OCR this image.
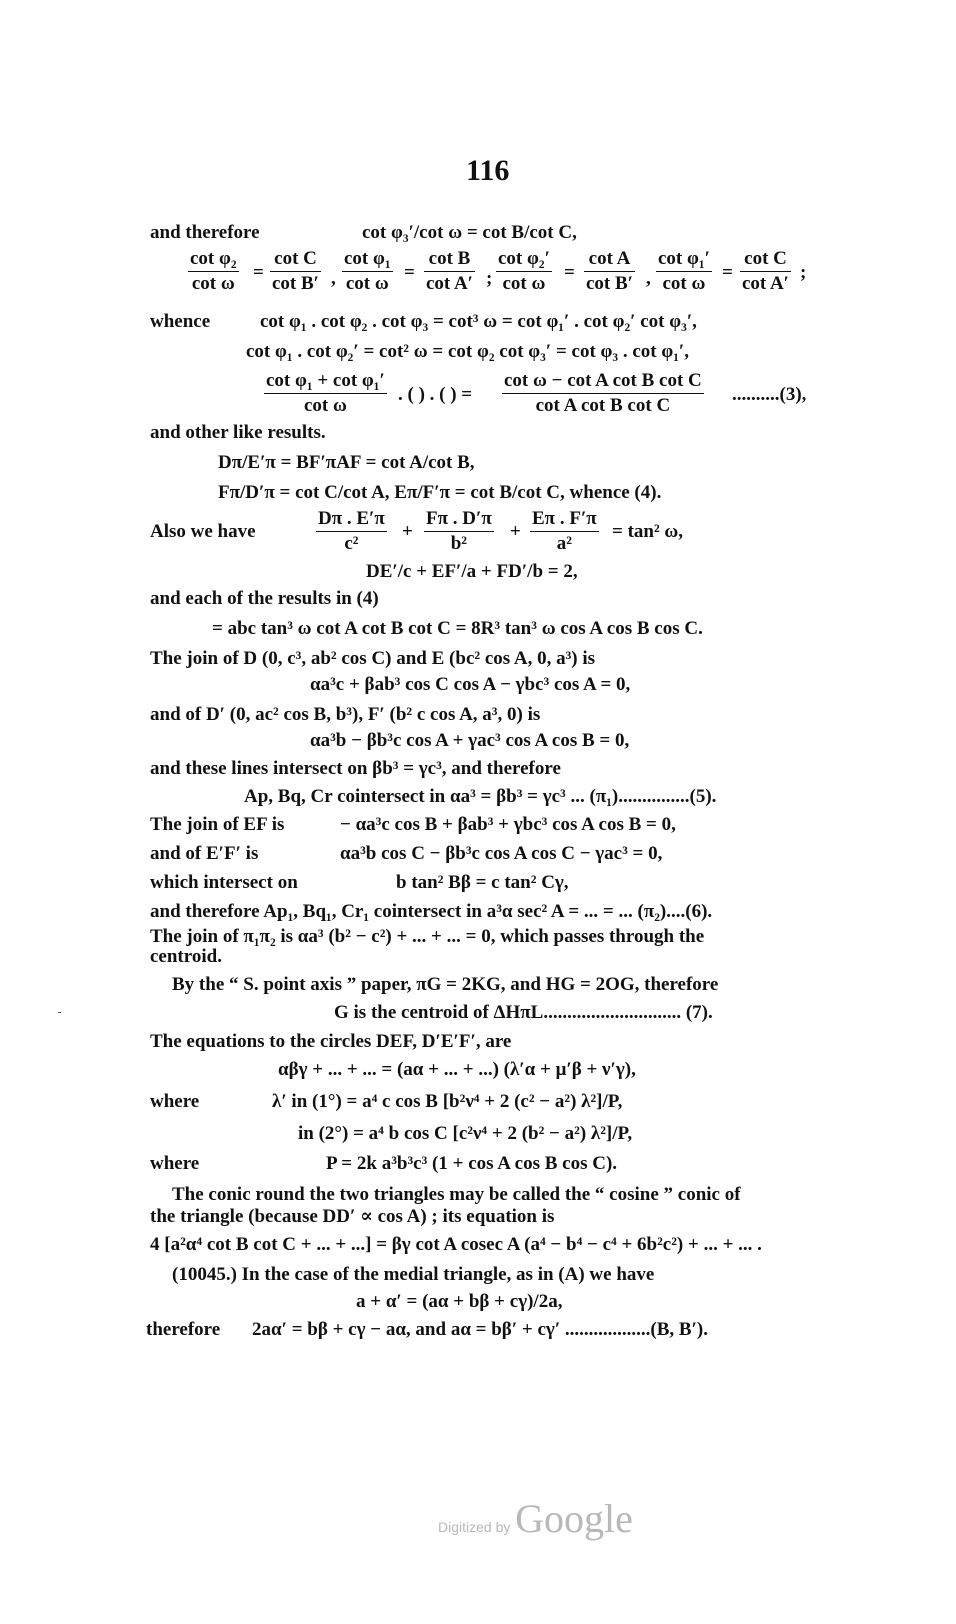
116
and therefore	cot φ₃′/cot ω = cot B/cot C,
$\frac{\text{cot φ₂}}{\text{cot ω}} = \frac{\text{cot C}}{\text{cot B′}}$ , $\frac{\text{cot φ₁}}{\text{cot ω}} = \frac{\text{cot B}}{\text{cot A′}}$ ; $\frac{\text{cot φ₂′}}{\text{cot ω}} = \frac{\text{cot A}}{\text{cot B′}}$ , $\frac{\text{cot φ₁′}}{\text{cot ω}} = \frac{\text{cot C}}{\text{cot A′}}$ ;
whence	cot φ₁ . cot φ₂ . cot φ₃ = cot³ ω = cot φ₁′ . cot φ₂′ cot φ₃′,
cot φ₁ . cot φ₂′ = cot² ω = cot φ₂ cot φ₃′ = cot φ₃ . cot φ₁′,
$\frac{\text{cot φ₁ + cot φ₁′}}{\text{cot ω}}$ . ( ) . ( ) = $\frac{\text{cot ω − cot A cot B cot C}}{\text{cot A cot B cot C}} ..........(3)$,
and other like results.
Dπ/E′π = BF′πAF = cot A/cot B,
Fπ/D′π = cot C/cot A, Eπ/F′π = cot B/cot C, whence (4).
Also we have	$\frac{D\pi . E'\pi}{\text{c²}} + \frac{F\pi . D'\pi}{\text{b²}} + \frac{E\pi . F'\pi}{\text{a²}} = \tan^2$ ω,
DE′/c + EF′/a + FD′/b = 2,
and each of the results in (4)
= abc tan³ ω cot A cot B cot C = 8R³ tan³ ω cos A cos B cos C.
The join of D (0, c³, ab² cos C) and E (bc² cos A, 0, a³) is
αa³c + βab³ cos C cos A − γbc³ cos A = 0,
and of D′ (0, ac² cos B, b³), F′ (b² c cos A, a³, 0) is
αa³b − βb³c cos A + γac³ cos A cos B = 0,
and these lines intersect on βb³ = γc³, and therefore
Ap, Bq, Cr cointersect in αa³ = βb³ = γc³ ... (π₁)...............(5).
The join of EF is	− αa³c cos B + βab³ + γbc³ cos A cos B = 0,
and of E′F′ is	αa³b cos C − βb³c cos A cos C − γac³ = 0,
which intersect on	b tan² Bβ = c tan² Cγ,
and therefore Ap₁, Bq₁, Cr₁ cointersect in a³α sec² A = ... = ... (π₂)....(6).
The join of π₁π₂ is αa³ (b² − c²) + ... + ... = 0, which passes through the
centroid.
By the “ S. point axis ” paper, πG = 2KG, and HG = 2OG, therefore
G is the centroid of ΔHπL............................. (7).
The equations to the circles DEF, D′E′F′, are
αβγ + ... + ... = (aα + ... + ...) (λ′α + μ′β + ν′γ),
where	λ′ in (1°) = a⁴ c cos B [b²ν⁴ + 2 (c² − a²) λ²]/P,
in (2°) = a⁴ b cos C [c²ν⁴ + 2 (b² − a²) λ²]/P,
where	P = 2k a³b³c³ (1 + cos A cos B cos C).
The conic round the two triangles may be called the “ cosine ” conic of
the triangle (because DD′ ∝ cos A) ; its equation is
4 [a²α⁴ cot B cot C + ... + ...] = βγ cot A cosec A (a⁴ − b⁴ − c⁴ + 6b²c²) + ... + ... .
(10045.) In the case of the medial triangle, as in (A) we have
a + α′ = (aα + bβ + cγ)/2a,
therefore 2aα′ = bβ + cγ − aα, and aα = bβ′ + cγ′ ..................(B, B′).
Digitized by Google
